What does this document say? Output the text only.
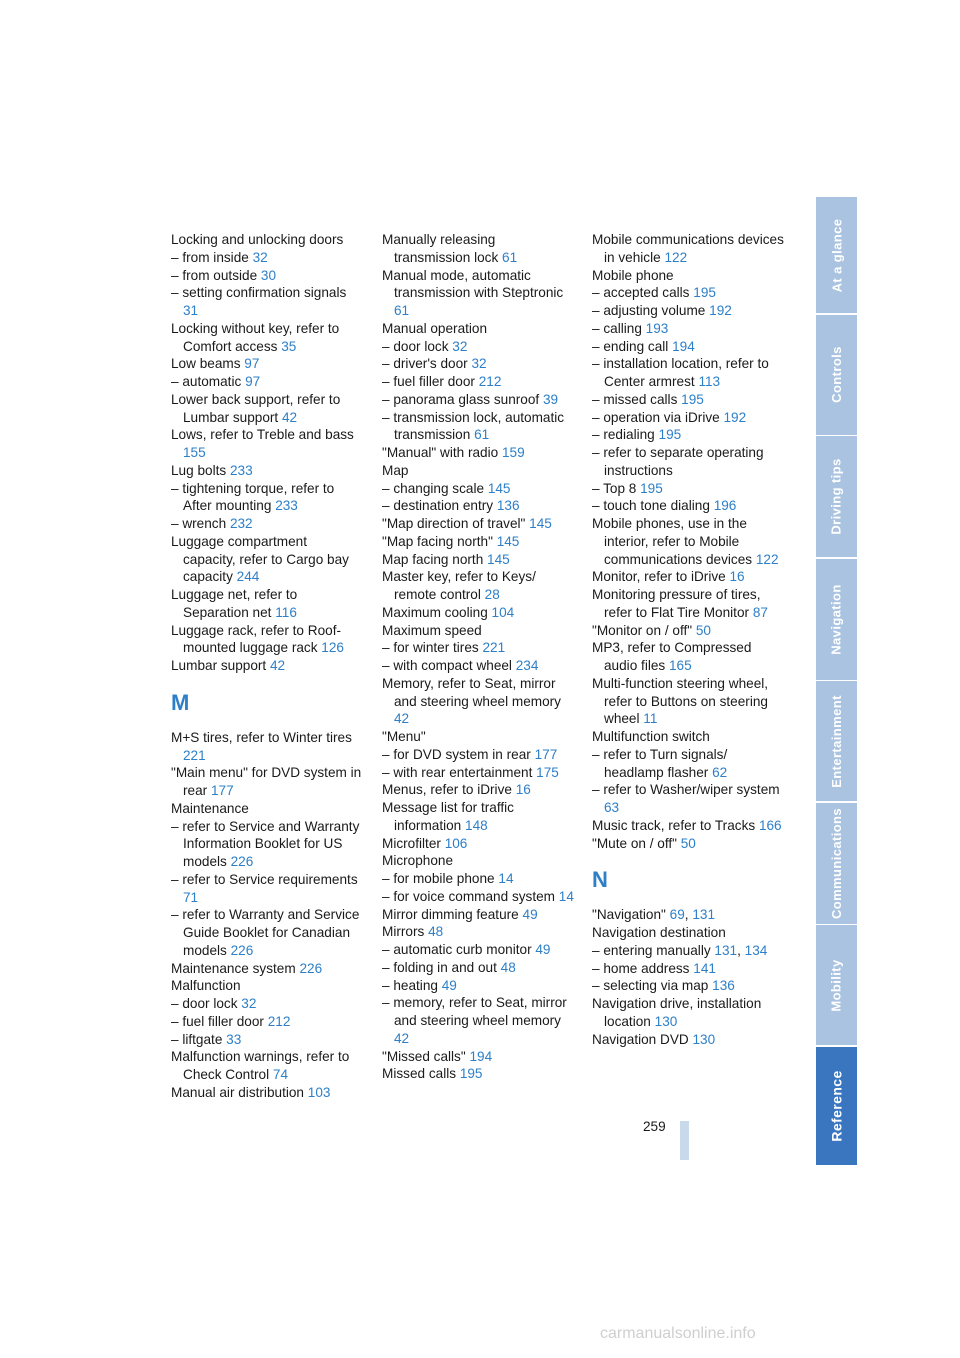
Locking and unlocking doors
– from inside 32
– from outside 30
– setting confirmation signals 31
Locking without key, refer to Comfort access 35
Low beams 97
– automatic 97
Lower back support, refer to Lumbar support 42
Lows, refer to Treble and bass 155
Lug bolts 233
– tightening torque, refer to After mounting 233
– wrench 232
Luggage compartment capacity, refer to Cargo bay capacity 244
Luggage net, refer to Separation net 116
Luggage rack, refer to Roof-mounted luggage rack 126
Lumbar support 42
M
M+S tires, refer to Winter tires 221
"Main menu" for DVD system in rear 177
Maintenance
– refer to Service and Warranty Information Booklet for US models 226
– refer to Service requirements 71
– refer to Warranty and Service Guide Booklet for Canadian models 226
Maintenance system 226
Malfunction
– door lock 32
– fuel filler door 212
– liftgate 33
Malfunction warnings, refer to Check Control 74
Manual air distribution 103
Manually releasing transmission lock 61
Manual mode, automatic transmission with Steptronic 61
Manual operation
– door lock 32
– driver's door 32
– fuel filler door 212
– panorama glass sunroof 39
– transmission lock, automatic transmission 61
"Manual" with radio 159
Map
– changing scale 145
– destination entry 136
"Map direction of travel" 145
"Map facing north" 145
Map facing north 145
Master key, refer to Keys/ remote control 28
Maximum cooling 104
Maximum speed
– for winter tires 221
– with compact wheel 234
Memory, refer to Seat, mirror and steering wheel memory 42
"Menu"
– for DVD system in rear 177
– with rear entertainment 175
Menus, refer to iDrive 16
Message list for traffic information 148
Microfilter 106
Microphone
– for mobile phone 14
– for voice command system 14
Mirror dimming feature 49
Mirrors 48
– automatic curb monitor 49
– folding in and out 48
– heating 49
– memory, refer to Seat, mirror and steering wheel memory 42
"Missed calls" 194
Missed calls 195
Mobile communications devices in vehicle 122
Mobile phone
– accepted calls 195
– adjusting volume 192
– calling 193
– ending call 194
– installation location, refer to Center armrest 113
– missed calls 195
– operation via iDrive 192
– redialing 195
– refer to separate operating instructions
– Top 8 195
– touch tone dialing 196
Mobile phones, use in the interior, refer to Mobile communications devices 122
Monitor, refer to iDrive 16
Monitoring pressure of tires, refer to Flat Tire Monitor 87
"Monitor on / off" 50
MP3, refer to Compressed audio files 165
Multi-function steering wheel, refer to Buttons on steering wheel 11
Multifunction switch
– refer to Turn signals/ headlamp flasher 62
– refer to Washer/wiper system 63
Music track, refer to Tracks 166
"Mute on / off" 50
N
"Navigation" 69, 131
Navigation destination
– entering manually 131, 134
– home address 141
– selecting via map 136
Navigation drive, installation location 130
Navigation DVD 130
259
At a glance
Controls
Driving tips
Navigation
Entertainment
Communications
Mobility
Reference
carmanualsonline.info
